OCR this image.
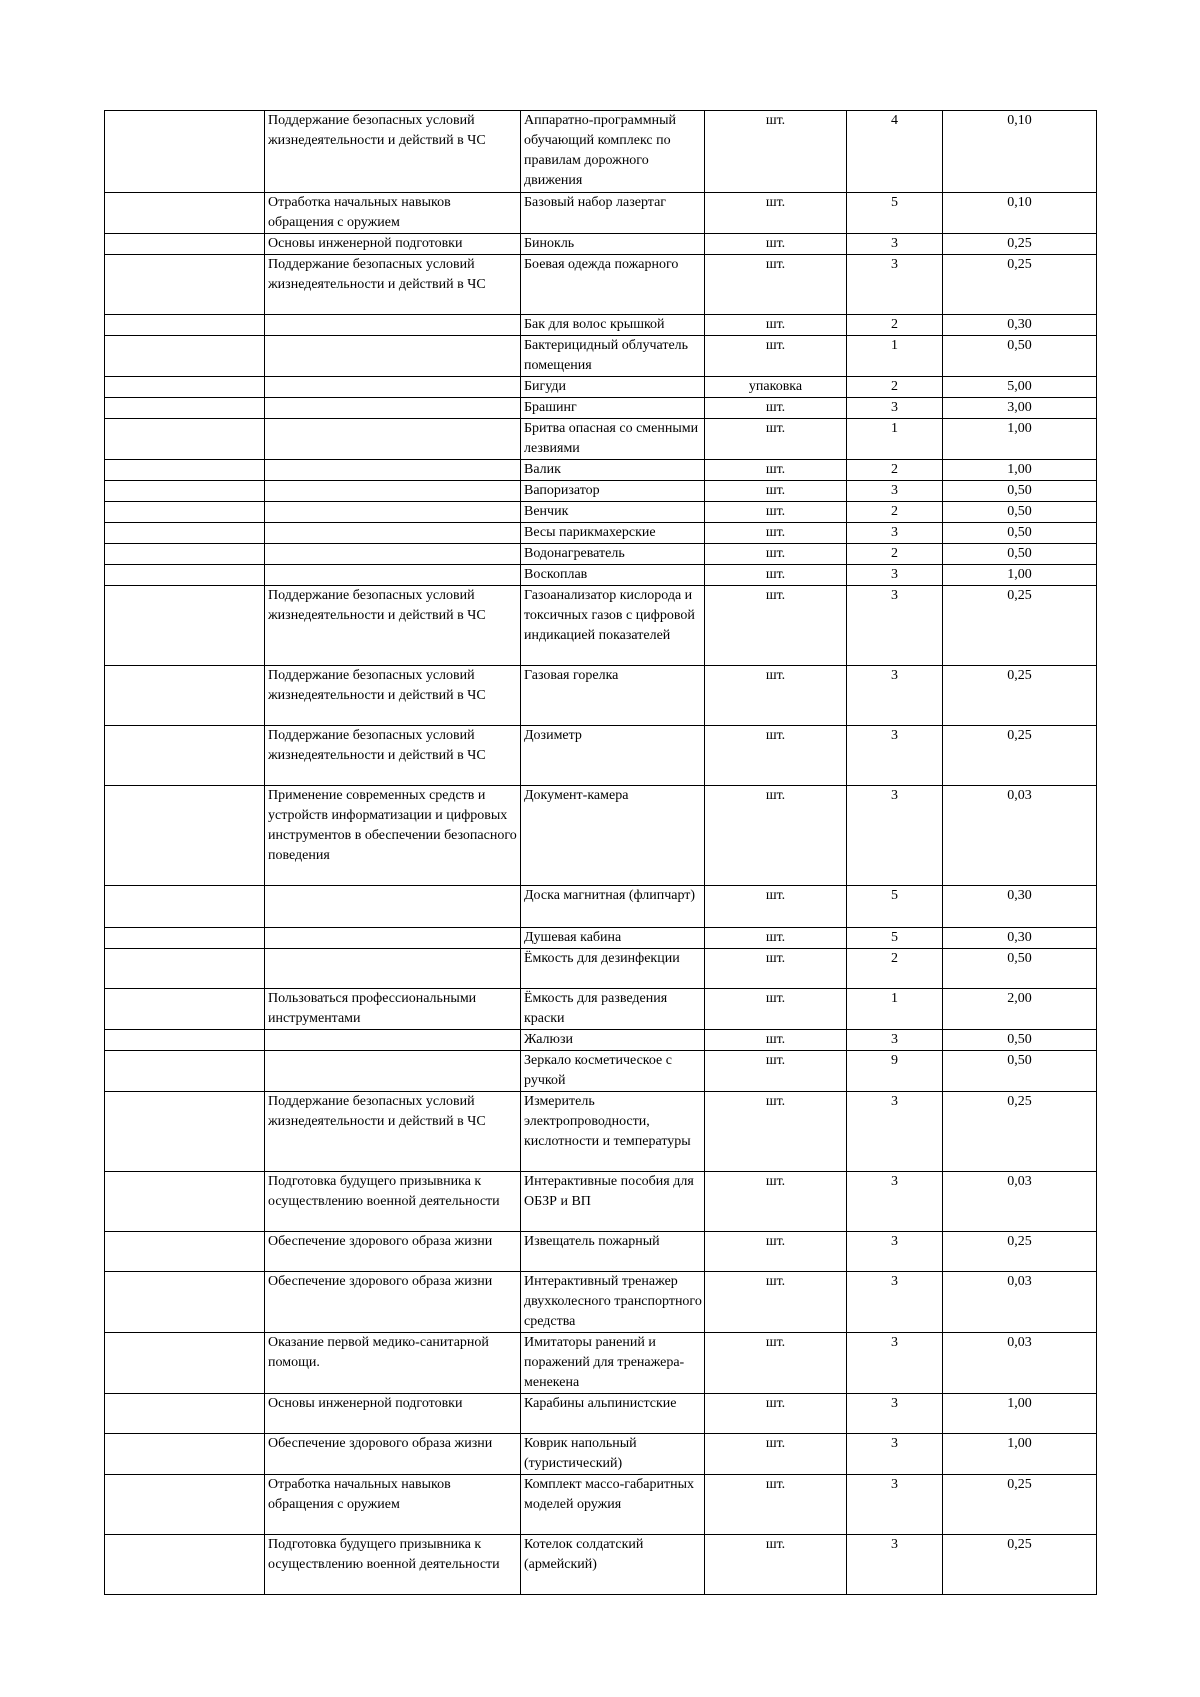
	Поддержание безопасных условий жизнедеятельности и действий в ЧС	Аппаратно-программный обучающий комплекс по правилам дорожного движения	шт.	4	0,10
	Отработка начальных навыков обращения с оружием	Базовый набор лазертаг	шт.	5	0,10
	Основы инженерной подготовки	Бинокль	шт.	3	0,25
	Поддержание безопасных условий жизнедеятельности и действий в ЧС	Боевая одежда пожарного	шт.	3	0,25
		Бак для волос крышкой	шт.	2	0,30
		Бактерицидный облучатель помещения	шт.	1	0,50
		Бигуди	упаковка	2	5,00
		Брашинг	шт.	3	3,00
		Бритва опасная со сменными лезвиями	шт.	1	1,00
		Валик	шт.	2	1,00
		Вапоризатор	шт.	3	0,50
		Венчик	шт.	2	0,50
		Весы парикмахерские	шт.	3	0,50
		Водонагреватель	шт.	2	0,50
		Воскоплав	шт.	3	1,00
	Поддержание безопасных условий жизнедеятельности и действий в ЧС	Газоанализатор кислорода и токсичных газов с цифровой индикацией показателей	шт.	3	0,25
	Поддержание безопасных условий жизнедеятельности и действий в ЧС	Газовая горелка	шт.	3	0,25
	Поддержание безопасных условий жизнедеятельности и действий в ЧС	Дозиметр	шт.	3	0,25
	Применение современных средств и устройств информатизации и цифровых инструментов в обеспечении безопасного поведения	Документ-камера	шт.	3	0,03
		Доска магнитная (флипчарт)	шт.	5	0,30
		Душевая кабина	шт.	5	0,30
		Ёмкость для дезинфекции	шт.	2	0,50
	Пользоваться профессиональными инструментами	Ёмкость для разведения краски	шт.	1	2,00
		Жалюзи	шт.	3	0,50
		Зеркало косметическое с ручкой	шт.	9	0,50
	Поддержание безопасных условий жизнедеятельности и действий в ЧС	Измеритель электропроводности, кислотности и температуры	шт.	3	0,25
	Подготовка будущего призывника к осуществлению военной деятельности	Интерактивные пособия для ОБЗР и ВП	шт.	3	0,03
	Обеспечение здорового образа жизни	Извещатель пожарный	шт.	3	0,25
	Обеспечение здорового образа жизни	Интерактивный тренажер двухколесного транспортного средства	шт.	3	0,03
	Оказание первой медико-санитарной помощи.	Имитаторы ранений и поражений для тренажера-менекена	шт.	3	0,03
	Основы инженерной подготовки	Карабины альпинистские	шт.	3	1,00
	Обеспечение здорового образа жизни	Коврик напольный (туристический)	шт.	3	1,00
	Отработка начальных навыков обращения с оружием	Комплект массо-габаритных моделей оружия	шт.	3	0,25
	Подготовка будущего призывника к осуществлению военной деятельности	Котелок солдатский (армейский)	шт.	3	0,25
